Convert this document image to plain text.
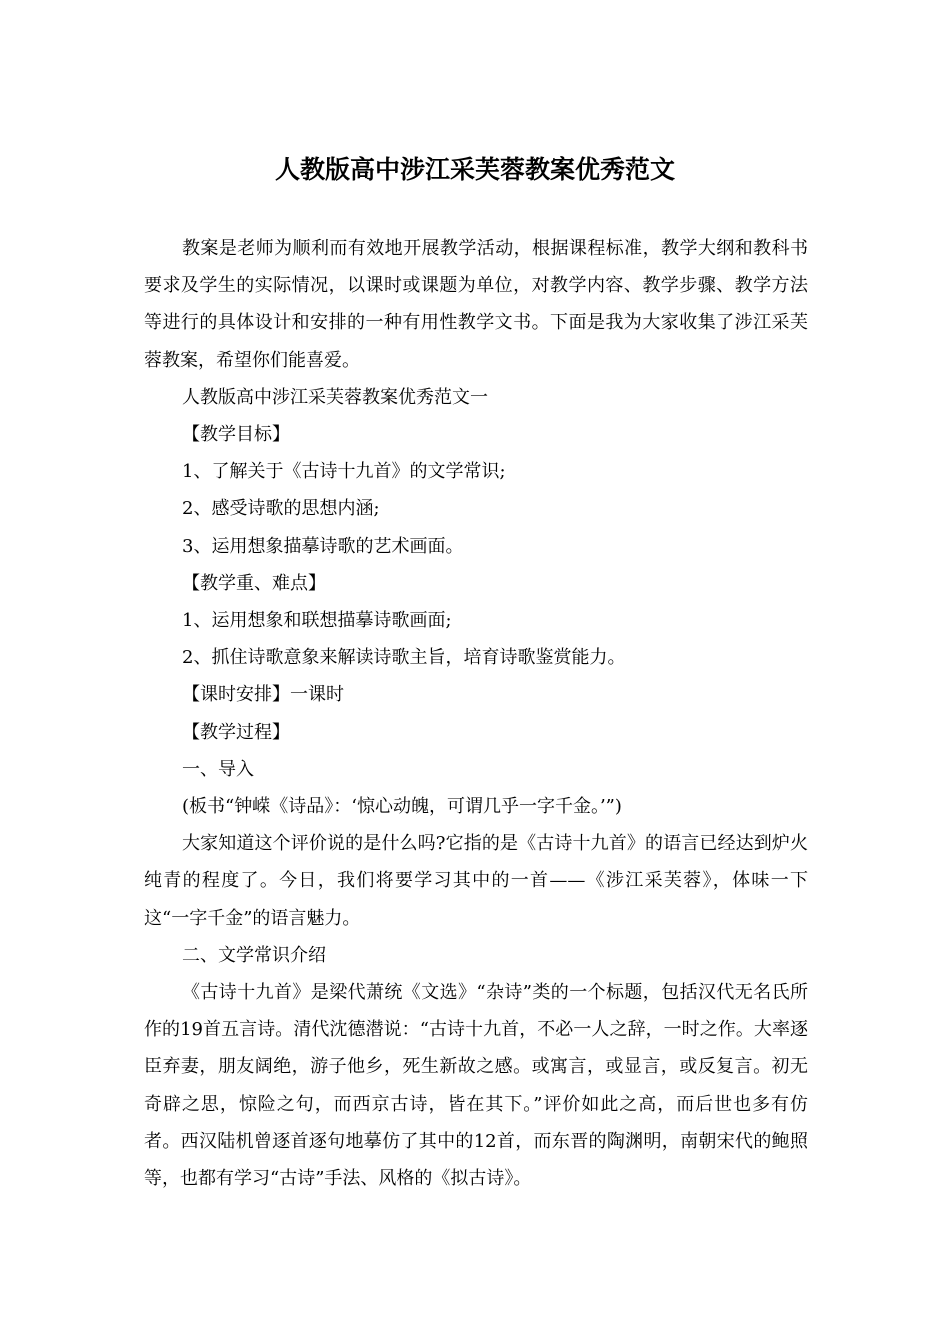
人教版高中涉江采芙蓉教案优秀范文

教案是老师为顺利而有效地开展教学活动，根据课程标准，教学大纲和教科书要求及学生的实际情况，以课时或课题为单位，对教学内容、教学步骤、教学方法等进行的具体设计和安排的一种有用性教学文书。下面是我为大家收集了涉江采芙蓉教案，希望你们能喜爱。

人教版高中涉江采芙蓉教案优秀范文一

【教学目标】

1、了解关于《古诗十九首》的文学常识;

2、感受诗歌的思想内涵;

3、运用想象描摹诗歌的艺术画面。

【教学重、难点】

1、运用想象和联想描摹诗歌画面;

2、抓住诗歌意象来解读诗歌主旨，培育诗歌鉴赏能力。

【课时安排】一课时

【教学过程】

一、导入

(板书“钟嵘《诗品》：‘惊心动魄，可谓几乎一字千金。’”)

大家知道这个评价说的是什么吗?它指的是《古诗十九首》的语言已经达到炉火纯青的程度了。今日，我们将要学习其中的一首——《涉江采芙蓉》，体味一下这“一字千金”的语言魅力。

二、文学常识介绍

《古诗十九首》是梁代萧统《文选》“杂诗”类的一个标题，包括汉代无名氏所作的19首五言诗。清代沈德潜说：“古诗十九首，不必一人之辞，一时之作。大率逐臣弃妻，朋友阔绝，游子他乡，死生新故之感。或寓言，或显言，或反复言。初无奇辟之思，惊险之句，而西京古诗，皆在其下。”评价如此之高，而后世也多有仿者。西汉陆机曾逐首逐句地摹仿了其中的12首，而东晋的陶渊明，南朝宋代的鲍照等，也都有学习“古诗”手法、风格的《拟古诗》。
